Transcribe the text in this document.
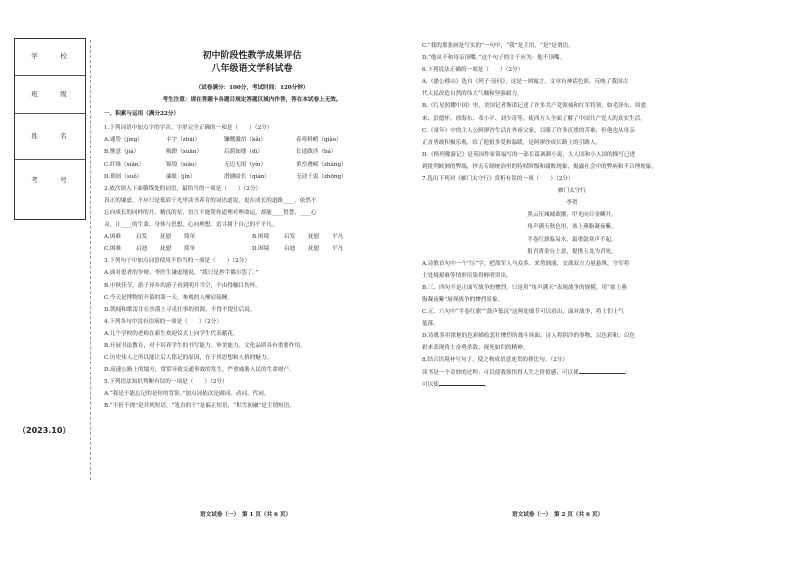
学　校
班　级
姓　名
考　号
（2023.10）
初中阶段性教学成果评估
八年级语文学科试卷

（试卷满分：100分，考试时间：120分钟）

考生注意：请在答题卡各题目规定答题区域内作答，答在本试卷上无效。

一、积累与运用（满分22分）

1.下列词语中加点字的字音、字形完全正确的一项是（　　）（2分）

A.通势（jìng）	丰宇（zhāi）	镰慨激昂（kǎi）	春寒料峭（qiào）
B.惬意（jiá）	吸蹬（xuān）	后荫如缕（dì）	长途跋涉（bá）
C.纤维（xiān）	锦毁（xiāo）	无边无垠（yín）	重峦叠嶂（zhàng）
D.琐屑（suǒ）	廉耻（jǐn）	潜涵暗长（qián）	无动于衷（zhōng）

2.依次填入下面横线处的词语，最恰当的一项是（　　）（2分）

真正的谦虚，不应只是低眉于光里读书养育的词语道说，更在成长的道路____，依然不

忘向成长的同样的月、精良的星，语言不能帮你道理对理命运，却能____智慧，____心

灵，让____的生命，身体与思想，心向理想，追寻属于自己的不平凡。

A.困难	启发	抚慰	简单	B.困境	启发	抚慰	平凡
C.困难	启迪	抚慰	简单	D.困境	启迪	抚慰	平凡

3.下列句子中加点词语使用不恰当的一项是（　　）（2分）

A.面对患者的争辩，李医生谦虚地说，“我只是抄手偶尔罢了。”

B.中秋佳节，游子异乡的游子看到明月当空，不由得触目伤怀。

C.今天是博物馆开幕的第一天，参观的人摩肩接踵。

D.朝闻和歌雷并在沙漠上寻觅往事的资源，不得不提往后说。

4.下列各句中没有语病的一项是（　　）（2分）

A.几个学校的老师在新生欢迎仪式上向学生代表献花。

B.开展书法教育，对于培养学生的书写能力、审美能力、文化品质具有重要作用。

C.历史伟人之所以能让后人铭记的原因，在于其思想和人格的魅力。

D.高速公路上的塌方，常常导致交通事故的发生，严重威胁人民的生命财产。

5.下列语法知识判断有误的一项是（　　）（2分）

A.“我是不能忘记的是你的背影。”加点词依次是副词、动词、代词。

B.“不折不挠”是并列短语，“笔直的干”是偏正短语，“积雪初融”是主谓短语。

C.“我的那张画是写实的”一句中，“我”是主语，“是”是谓语。

D.“他从不和母亲顶嘴。”这个句子的主干应为：他不顶嘴。

6.下列说法正确的一项是（　　）（2分）

A.《愚公移山》选自《列子·汤问》，这是一则寓言，文章有神话色彩，反映了我国古

代人民改造自然的伟大气魄和坚强毅力。

B.《红星照耀中国》里，美国记者斯诺记述了许多共产党领袖和红军将领，如毛泽东、周恩

来、彭德怀、徐海东、邓小平、刘少奇等，使西方人全面了解了中国共产党人的真实生活。

C.《童年》中的主人公阿廖沙生活在外祖父家，目睹了许多沉重的苦难，但他也从母亲

正直勇敢积极乐观，给了他很多爱和温暖，是阿廖沙成长路上的引路人。

D.《格列佛游记》是英国作家笛福写的一部长篇讽刺小说，大人国和小人国的描写已进

到批判欧洲的弊端，抨击专制统治里的特权阶级和腐败现象，揭露社会中的弊病和不合理现象。

7.选出下列对《雁门太守行》赏析有误的一项（　　）（2分）

雁门太守行

李贺

黑云压城城欲摧，甲光向日金鳞开。

角声满天秋色里，塞上燕脂凝夜紫。

半卷红旗临易水，霜重鼓寒声不起。

报君黄金台上意，提携玉龙为君死。

A.诗歌首句中一个“压”字，把敌军人马众多、来势汹涌，交战双方力量悬殊，守军将

士处境艰难等情形渲染得鲜明突出。

B.三、四句不是正面写战争的惨烈，只是用“角声满天”表现战争的规模，用“塞上燕

脂凝夜紫”展现战争的惨烈景象。

C.五、六句中“半卷红旗”“鼓声低沉”这两处细节可以看出，面对战争，将士们士气

低落。

D.诗歌多用浓艳的色彩描绘悲壮惨烈的战斗场面，诗人将阴冷的事物，以色彩和，以色

彩来表现将士奋勇杀敌、视死如归的精神。

8.结合语境补写句子，使之构成语意连贯的排比句。（2分）

读书是一个奇妙的过程：可以使我领悟得人生之价值感；可以使	；

可以使	。

语文试卷（一）　第 1 页（共 6 页）	语文试卷（一）　第 2 页（共 6 页）
